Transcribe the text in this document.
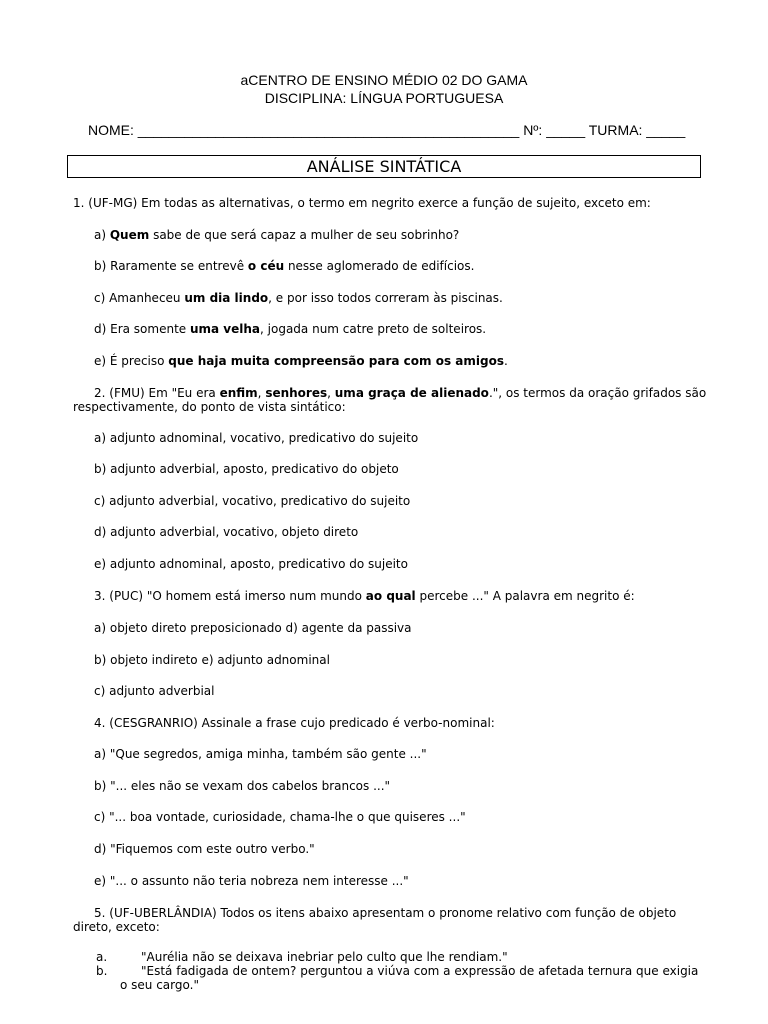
aCENTRO DE ENSINO MÉDIO 02 DO GAMA
DISCIPLINA: LÍNGUA PORTUGUESA
NOME: _________________________________________________ Nº: _____ TURMA: _____
ANÁLISE SINTÁTICA
1. (UF-MG) Em todas as alternativas, o termo em negrito exerce a função de sujeito, exceto em:
a) Quem sabe de que será capaz a mulher de seu sobrinho?
b) Raramente se entrevê o céu nesse aglomerado de edifícios.
c) Amanheceu um dia lindo, e por isso todos correram às piscinas.
d) Era somente uma velha, jogada num catre preto de solteiros.
e) É preciso que haja muita compreensão para com os amigos.
2. (FMU) Em "Eu era enfim, senhores, uma graça de alienado.", os termos da oração grifados são
respectivamente, do ponto de vista sintático:
a) adjunto adnominal, vocativo, predicativo do sujeito
b) adjunto adverbial, aposto, predicativo do objeto
c) adjunto adverbial, vocativo, predicativo do sujeito
d) adjunto adverbial, vocativo, objeto direto
e) adjunto adnominal, aposto, predicativo do sujeito
3. (PUC) "O homem está imerso num mundo ao qual percebe ..." A palavra em negrito é:
a) objeto direto preposicionado d) agente da passiva
b) objeto indireto e) adjunto adnominal
c) adjunto adverbial
4. (CESGRANRIO) Assinale a frase cujo predicado é verbo-nominal:
a) "Que segredos, amiga minha, também são gente ..."
b) "... eles não se vexam dos cabelos brancos ..."
c) "... boa vontade, curiosidade, chama-lhe o que quiseres ..."
d) "Fiquemos com este outro verbo."
e) "... o assunto não teria nobreza nem interesse ..."
5. (UF-UBERLÂNDIA) Todos os itens abaixo apresentam o pronome relativo com função de objeto
direto, exceto:
a.	"Aurélia não se deixava inebriar pelo culto que lhe rendiam."
b.	"Está fadigada de ontem? perguntou a viúva com a expressão de afetada ternura que exigia o seu cargo."
